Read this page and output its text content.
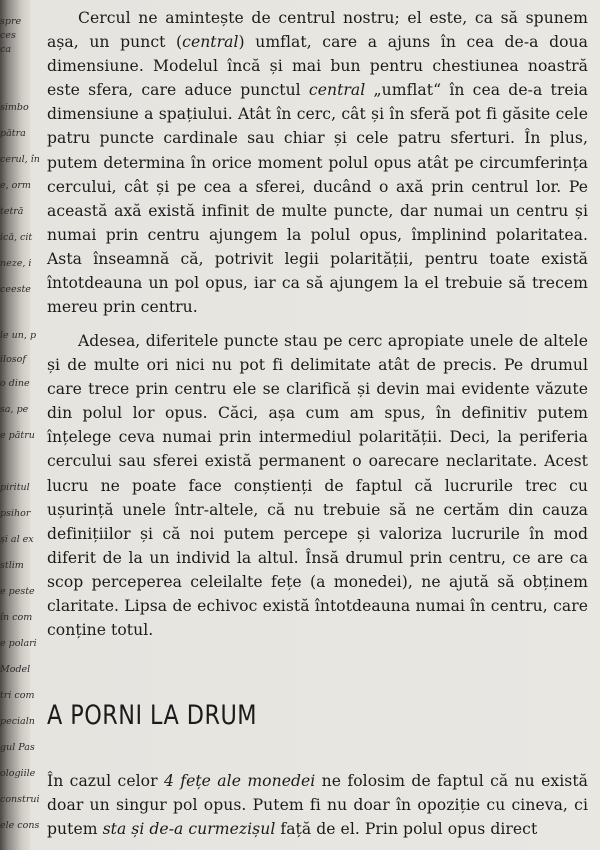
spre
ces
ca
simbo
pătra
cerul, în
e, orm
tetră
ică, cit
neze, i
ceeste
le un, p
ilosof
o dine
sa, pe
e pătru
piritul
psihor
și al ex
stlim
e peste
în com
e polari
Model
tri com
pecialn
gul Pas
ologiile
construi
ele cons

Cercul ne amintește de centrul nostru; el este, ca să spunem așa, un punct (central) umflat, care a ajuns în cea de-a doua dimensiune. Modelul încă și mai bun pentru chestiunea noastră este sfera, care aduce punctul central „umflat“ în cea de-a treia dimensiune a spațiului. Atât în cerc, cât și în sferă pot fi găsite cele patru puncte cardinale sau chiar și cele patru sferturi. În plus, putem determina în orice moment polul opus atât pe circumferința cercului, cât și pe cea a sferei, ducând o axă prin centrul lor. Pe această axă există infinit de multe puncte, dar numai un centru și numai prin centru ajungem la polul opus, împlinind polaritatea. Asta înseamnă că, potrivit legii polarității, pentru toate există întotdeauna un pol opus, iar ca să ajungem la el trebuie să trecem mereu prin centru.

Adesea, diferitele puncte stau pe cerc apropiate unele de altele și de multe ori nici nu pot fi delimitate atât de precis. Pe drumul care trece prin centru ele se clarifică și devin mai evidente văzute din polul lor opus. Căci, așa cum am spus, în definitiv putem înțelege ceva numai prin intermediul polarității. Deci, la periferia cercului sau sferei există permanent o oarecare neclaritate. Acest lucru ne poate face conștienți de faptul că lucrurile trec cu ușurință unele într-altele, că nu trebuie să ne certăm din cauza definițiilor și că noi putem percepe și valoriza lucrurile în mod diferit de la un individ la altul. Însă drumul prin centru, ce are ca scop perceperea celeilalte fețe (a monedei), ne ajută să obținem claritate. Lipsa de echivoc există întotdeauna numai în centru, care conține totul.

A PORNI LA DRUM

În cazul celor 4 fețe ale monedei ne folosim de faptul că nu există doar un singur pol opus. Putem fi nu doar în opoziție cu cineva, ci putem sta și de-a curmezișul față de el. Prin polul opus direct
